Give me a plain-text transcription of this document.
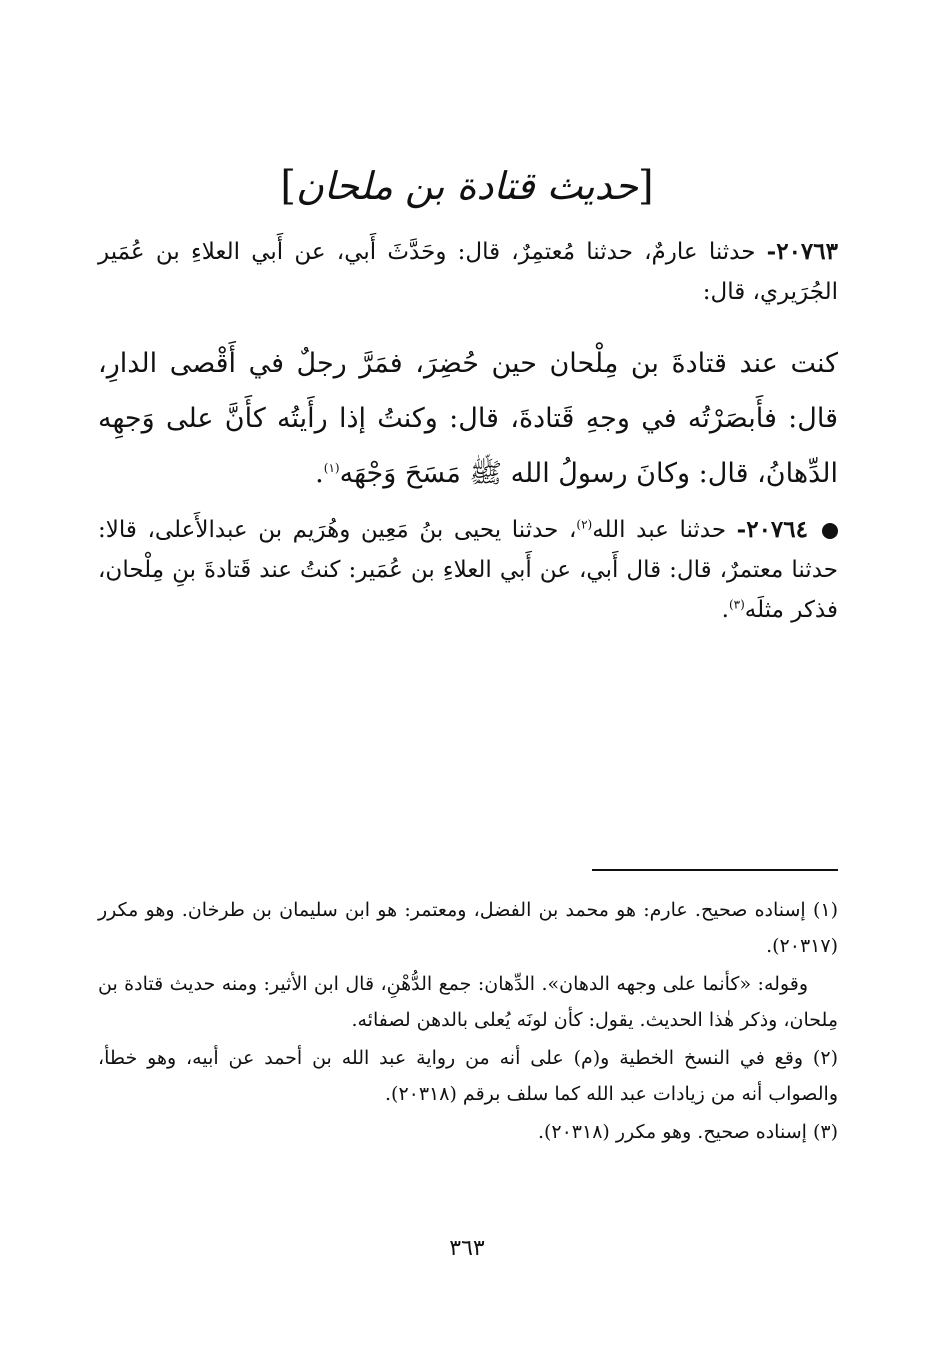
[حديث قتادة بن ملحان]
٢٠٧٦٣- حدثنا عارمٌ، حدثنا مُعتمِرٌ، قال: وحَدَّثَ أَبي، عن أَبي العلاءِ بن عُمَير الجُرَيري، قال:
كنت عند قتادةَ بن مِلْحان حين حُضِرَ، فمَرَّ رجلٌ في أَقْصى الدارِ، قال: فأَبصَرْتُه في وجهِ قَتادةَ، قال: وكنتُ إذا رأَيتُه كأَنَّ على وَجهِه الدِّهانُ، قال: وكانَ رسولُ الله ﷺ مَسَحَ وَجْهَه$^{(١)}$.
٢٠٧٦٤- حدثنا عبد الله$^{(٢)}$، حدثنا يحيى بنُ مَعِين وهُرَيم بن عبدالأَعلى، قالا: حدثنا معتمرٌ، قال: قال أَبي، عن أَبي العلاءِ بن عُمَير: كنتُ عند قَتادةَ بنِ مِلْحان، فذكر مثلَه$^{(٣)}$.

(١) إسناده صحيح. عارم: هو محمد بن الفضل، ومعتمر: هو ابن سليمان بن طرخان. وهو مكرر (٢٠٣١٧).

وقوله: «كأنما على وجهه الدهان». الدِّهان: جمع الدُّهْنِ، قال ابن الأثير: ومنه حديث قتادة بن مِلحان، وذكر هٰذا الحديث. يقول: كأن لونَه يُعلى بالدهن لصفائه.

(٢) وقع في النسخ الخطية و(م) على أنه من رواية عبد الله بن أحمد عن أبيه، وهو خطأ، والصواب أنه من زيادات عبد الله كما سلف برقم (٢٠٣١٨).

(٣) إسناده صحيح. وهو مكرر (٢٠٣١٨).

٣٦٣
